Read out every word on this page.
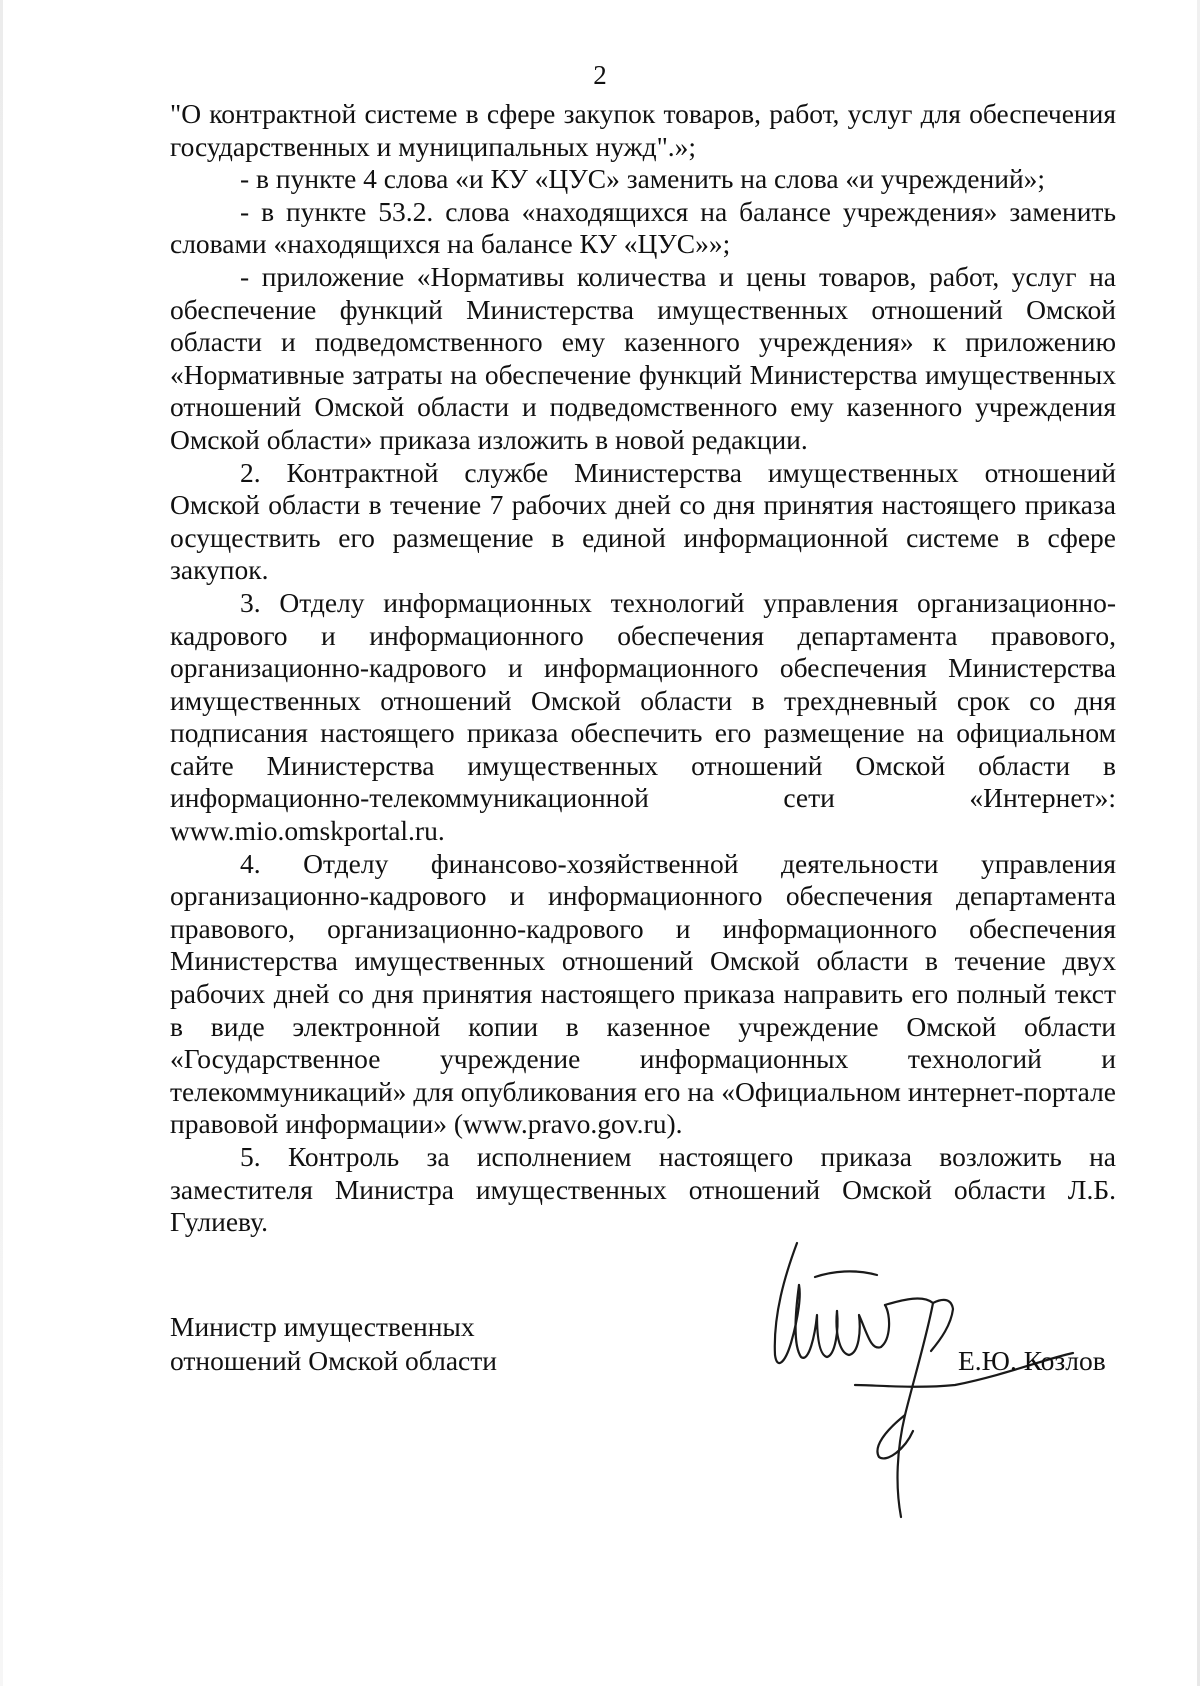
2

"О контрактной системе в сфере закупок товаров, работ, услуг для обеспечения государственных и муниципальных нужд".»;

- в пункте 4 слова «и КУ «ЦУС» заменить на слова «и учреждений»;

- в пункте 53.2. слова «находящихся на балансе учреждения» заменить словами «находящихся на балансе КУ «ЦУС»»;

- приложение «Нормативы количества и цены товаров, работ, услуг на обеспечение функций Министерства имущественных отношений Омской области и подведомственного ему казенного учреждения» к приложению «Нормативные затраты на обеспечение функций Министерства имущественных отношений Омской области и подведомственного ему казенного учреждения Омской области» приказа изложить в новой редакции.

2. Контрактной службе Министерства имущественных отношений Омской области в течение 7 рабочих дней со дня принятия настоящего приказа осуществить его размещение в единой информационной системе в сфере закупок.

3. Отделу информационных технологий управления организационно-кадрового и информационного обеспечения департамента правового, организационно-кадрового и информационного обеспечения Министерства имущественных отношений Омской области в трехдневный срок со дня подписания настоящего приказа обеспечить его размещение на официальном сайте Министерства имущественных отношений Омской области в информационно-телекоммуникационной сети «Интернет»: www.mio.omskportal.ru.

4. Отделу финансово-хозяйственной деятельности управления организационно-кадрового и информационного обеспечения департамента правового, организационно-кадрового и информационного обеспечения Министерства имущественных отношений Омской области в течение двух рабочих дней со дня принятия настоящего приказа направить его полный текст в виде электронной копии в казенное учреждение Омской области «Государственное учреждение информационных технологий и телекоммуникаций» для опубликования его на «Официальном интернет-портале правовой информации» (www.pravo.gov.ru).

5. Контроль за исполнением настоящего приказа возложить на заместителя Министра имущественных отношений Омской области Л.Б. Гулиеву.

Министр имущественных
отношений Омской области	Е.Ю. Козлов
